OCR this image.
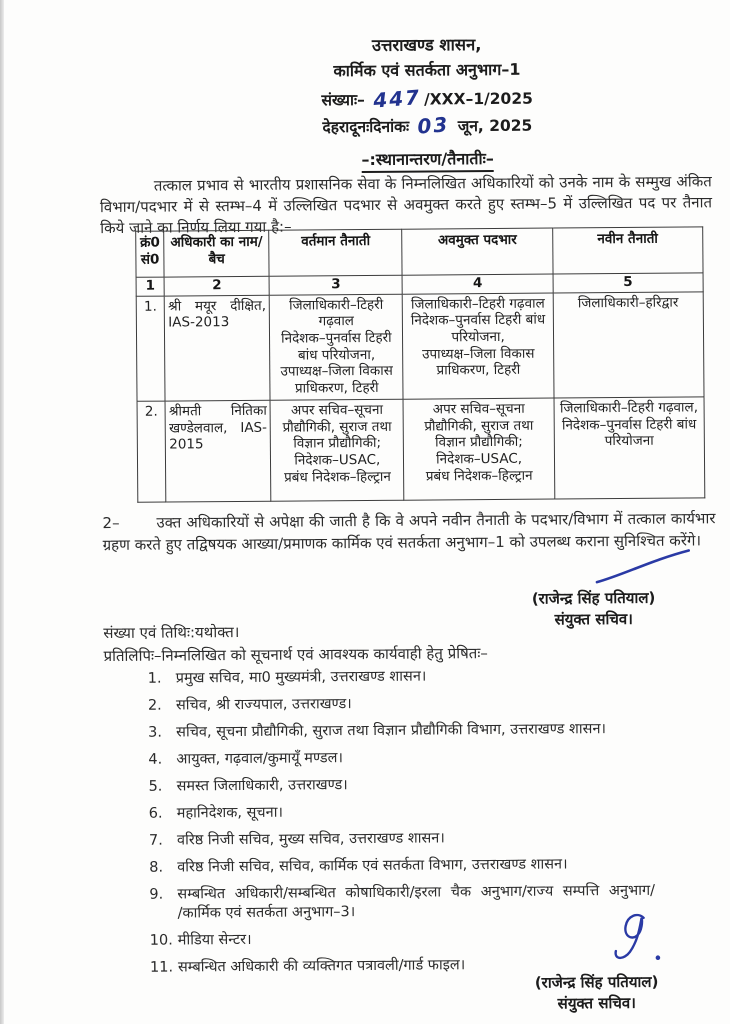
उत्तराखण्ड शासन,
कार्मिक एवं सतर्कता अनुभाग–1
संख्याः– 447 /XXX–1/2025
देहरादूनःदिनांकः 03 जून, 2025
–:स्थानान्तरण/तैनातीः–

तत्काल प्रभाव से भारतीय प्रशासनिक सेवा के निम्नलिखित अधिकारियों को उनके नाम के सम्मुख अंकित विभाग/पदभार में से स्तम्भ–4 में उल्लिखित पदभार से अवमुक्त करते हुए स्तम्भ–5 में उल्लिखित पद पर तैनात किये जाने का निर्णय लिया गया है:–

क्रं0
सं0	अधिकारी का नाम/बैच	वर्तमान तैनाती	अवमुक्त पदभार	नवीन तैनाती
1	2	3	4	5
1.	श्री मयूर दीक्षित, IAS-2013	जिलाधिकारी–टिहरी गढ़वाल
निदेशक–पुनर्वास टिहरी बांध परियोजना,
उपाध्यक्ष–जिला विकास प्राधिकरण, टिहरी	जिलाधिकारी–टिहरी गढ़वाल
निदेशक–पुनर्वास टिहरी बांध परियोजना,
उपाध्यक्ष–जिला विकास प्राधिकरण, टिहरी	जिलाधिकारी–हरिद्वार
2.	श्रीमती नितिका खण्डेलवाल, IAS-2015	अपर सचिव–सूचना प्रौद्यौगिकी, सुराज तथा विज्ञान प्रौद्यौगिकी;
निदेशक–USAC,
प्रबंध निदेशक–हिल्ट्रान	अपर सचिव–सूचना प्रौद्यौगिकी, सुराज तथा विज्ञान प्रौद्यौगिकी;
निदेशक–USAC,
प्रबंध निदेशक–हिल्ट्रान	जिलाधिकारी–टिहरी गढ़वाल,
निदेशक–पुनर्वास टिहरी बांध परियोजना

2– उक्त अधिकारियों से अपेक्षा की जाती है कि वे अपने नवीन तैनाती के पदभार/विभाग में तत्काल कार्यभार ग्रहण करते हुए तद्विषयक आख्या/प्रमाणक कार्मिक एवं सतर्कता अनुभाग–1 को उपलब्ध कराना सुनिश्चित करेंगे।

(राजेन्द्र सिंह पतियाल)
संयुक्त सचिव।
संख्या एवं तिथिः:यथोक्त।
प्रतिलिपिः–निम्नलिखित को सूचनार्थ एवं आवश्यक कार्यवाही हेतु प्रेषितः–
1. प्रमुख सचिव, मा0 मुख्यमंत्री, उत्तराखण्ड शासन।
2. सचिव, श्री राज्यपाल, उत्तराखण्ड।
3. सचिव, सूचना प्रौद्यौगिकी, सुराज तथा विज्ञान प्रौद्यौगिकी विभाग, उत्तराखण्ड शासन।
4. आयुक्त, गढ़वाल/कुमायूँ मण्डल।
5. समस्त जिलाधिकारी, उत्तराखण्ड।
6. महानिदेशक, सूचना।
7. वरिष्ठ निजी सचिव, मुख्य सचिव, उत्तराखण्ड शासन।
8. वरिष्ठ निजी सचिव, सचिव, कार्मिक एवं सतर्कता विभाग, उत्तराखण्ड शासन।
9. सम्बन्धित अधिकारी/सम्बन्धित कोषाधिकारी/इरला चैक अनुभाग/राज्य सम्पत्ति अनुभाग/
/कार्मिक एवं सतर्कता अनुभाग–3।
10. मीडिया सेन्टर।
11. सम्बन्धित अधिकारी की व्यक्तिगत पत्रावली/गार्ड फाइल।
(राजेन्द्र सिंह पतियाल)
संयुक्त सचिव।
